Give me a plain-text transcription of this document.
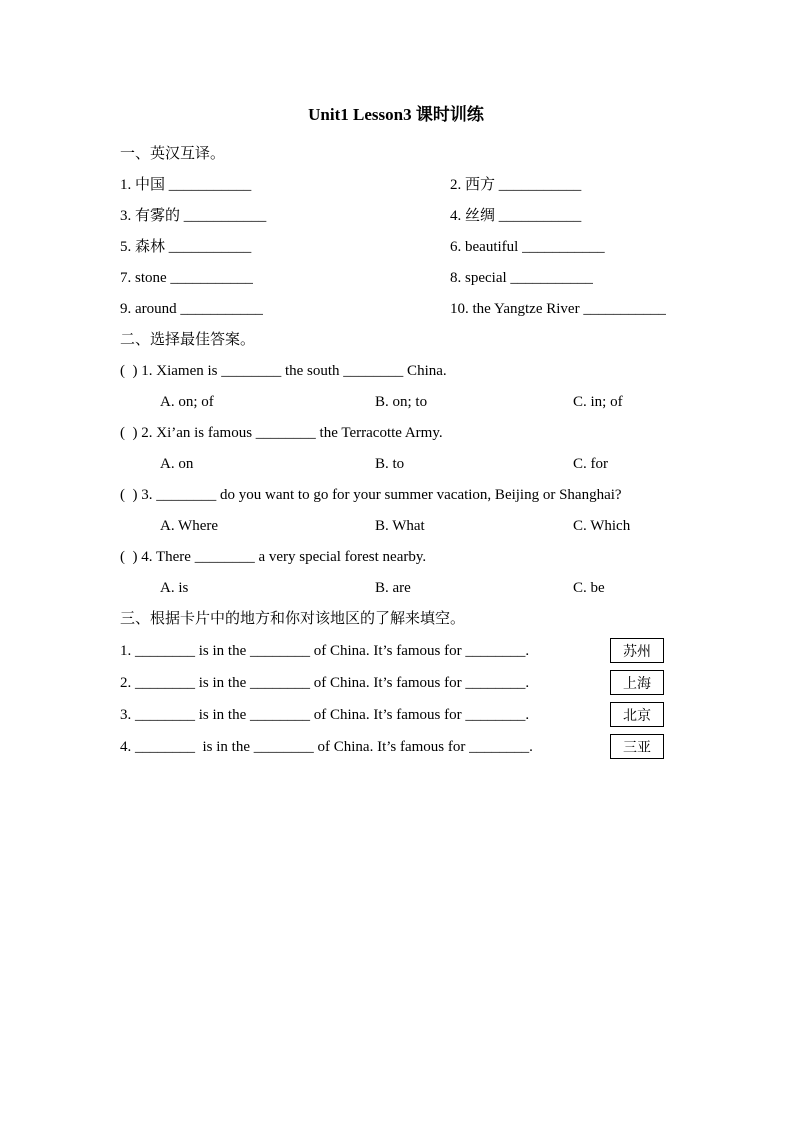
Unit1 Lesson3 课时训练

一、英汉互译。

1. 中国 ___________	2. 西方 ___________
3. 有雾的 ___________	4. 丝绸 ___________
5. 森林 ___________	6. beautiful ___________
7. stone ___________	8. special ___________
9. around ___________	10. the Yangtze River ___________

二、选择最佳答案。

(  ) 1. Xiamen is ________ the south ________ China.

A. on; of	B. on; to	C. in; of

(  ) 2. Xi’an is famous ________ the Terracotte Army.

A. on	B. to	C. for

(  ) 3. ________ do you want to go for your summer vacation, Beijing or Shanghai?

A. Where	B. What	C. Which

(  ) 4. There ________ a very special forest nearby.

A. is	B. are	C. be

三、根据卡片中的地方和你对该地区的了解来填空。

1. ________ is in the ________ of China. It’s famous for ________.	苏州
2. ________ is in the ________ of China. It’s famous for ________.	上海
3. ________ is in the ________ of China. It’s famous for ________.	北京
4. ________  is in the ________ of China. It’s famous for ________.	三亚
